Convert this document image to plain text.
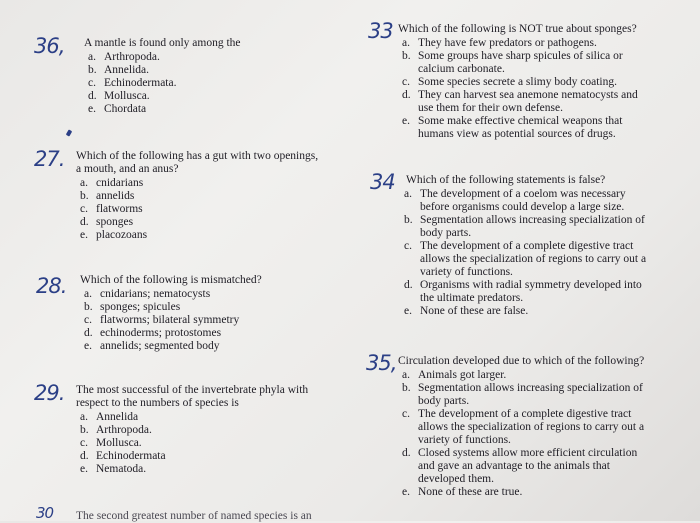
36, A mantle is found only among the
a. Arthropoda.
b. Annelida.
c. Echinodermata.
d. Mollusca.
e. Chordata
27. Which of the following has a gut with two openings,
a mouth, and an anus?
a. cnidarians
b. annelids
c. flatworms
d. sponges
e. placozoans
28. Which of the following is mismatched?
a. cnidarians; nematocysts
b. sponges; spicules
c. flatworms; bilateral symmetry
d. echinoderms; protostomes
e. annelids; segmented body
29. The most successful of the invertebrate phyla with
respect to the numbers of species is
a. Annelida
b. Arthropoda.
c. Mollusca.
d. Echinodermata
e. Nematoda.
30 The second greatest number of named species is an
33 Which of the following is NOT true about sponges?
a. They have few predators or pathogens.
b. Some groups have sharp spicules of silica or
calcium carbonate.
c. Some species secrete a slimy body coating.
d. They can harvest sea anemone nematocysts and
use them for their own defense.
e. Some make effective chemical weapons that
humans view as potential sources of drugs.
34 Which of the following statements is false?
a. The development of a coelom was necessary
before organisms could develop a large size.
b. Segmentation allows increasing specialization of
body parts.
c. The development of a complete digestive tract
allows the specialization of regions to carry out a
variety of functions.
d. Organisms with radial symmetry developed into
the ultimate predators.
e. None of these are false.
35, Circulation developed due to which of the following?
a. Animals got larger.
b. Segmentation allows increasing specialization of
body parts.
c. The development of a complete digestive tract
allows the specialization of regions to carry out a
variety of functions.
d. Closed systems allow more efficient circulation
and gave an advantage to the animals that
developed them.
e. None of these are true.
